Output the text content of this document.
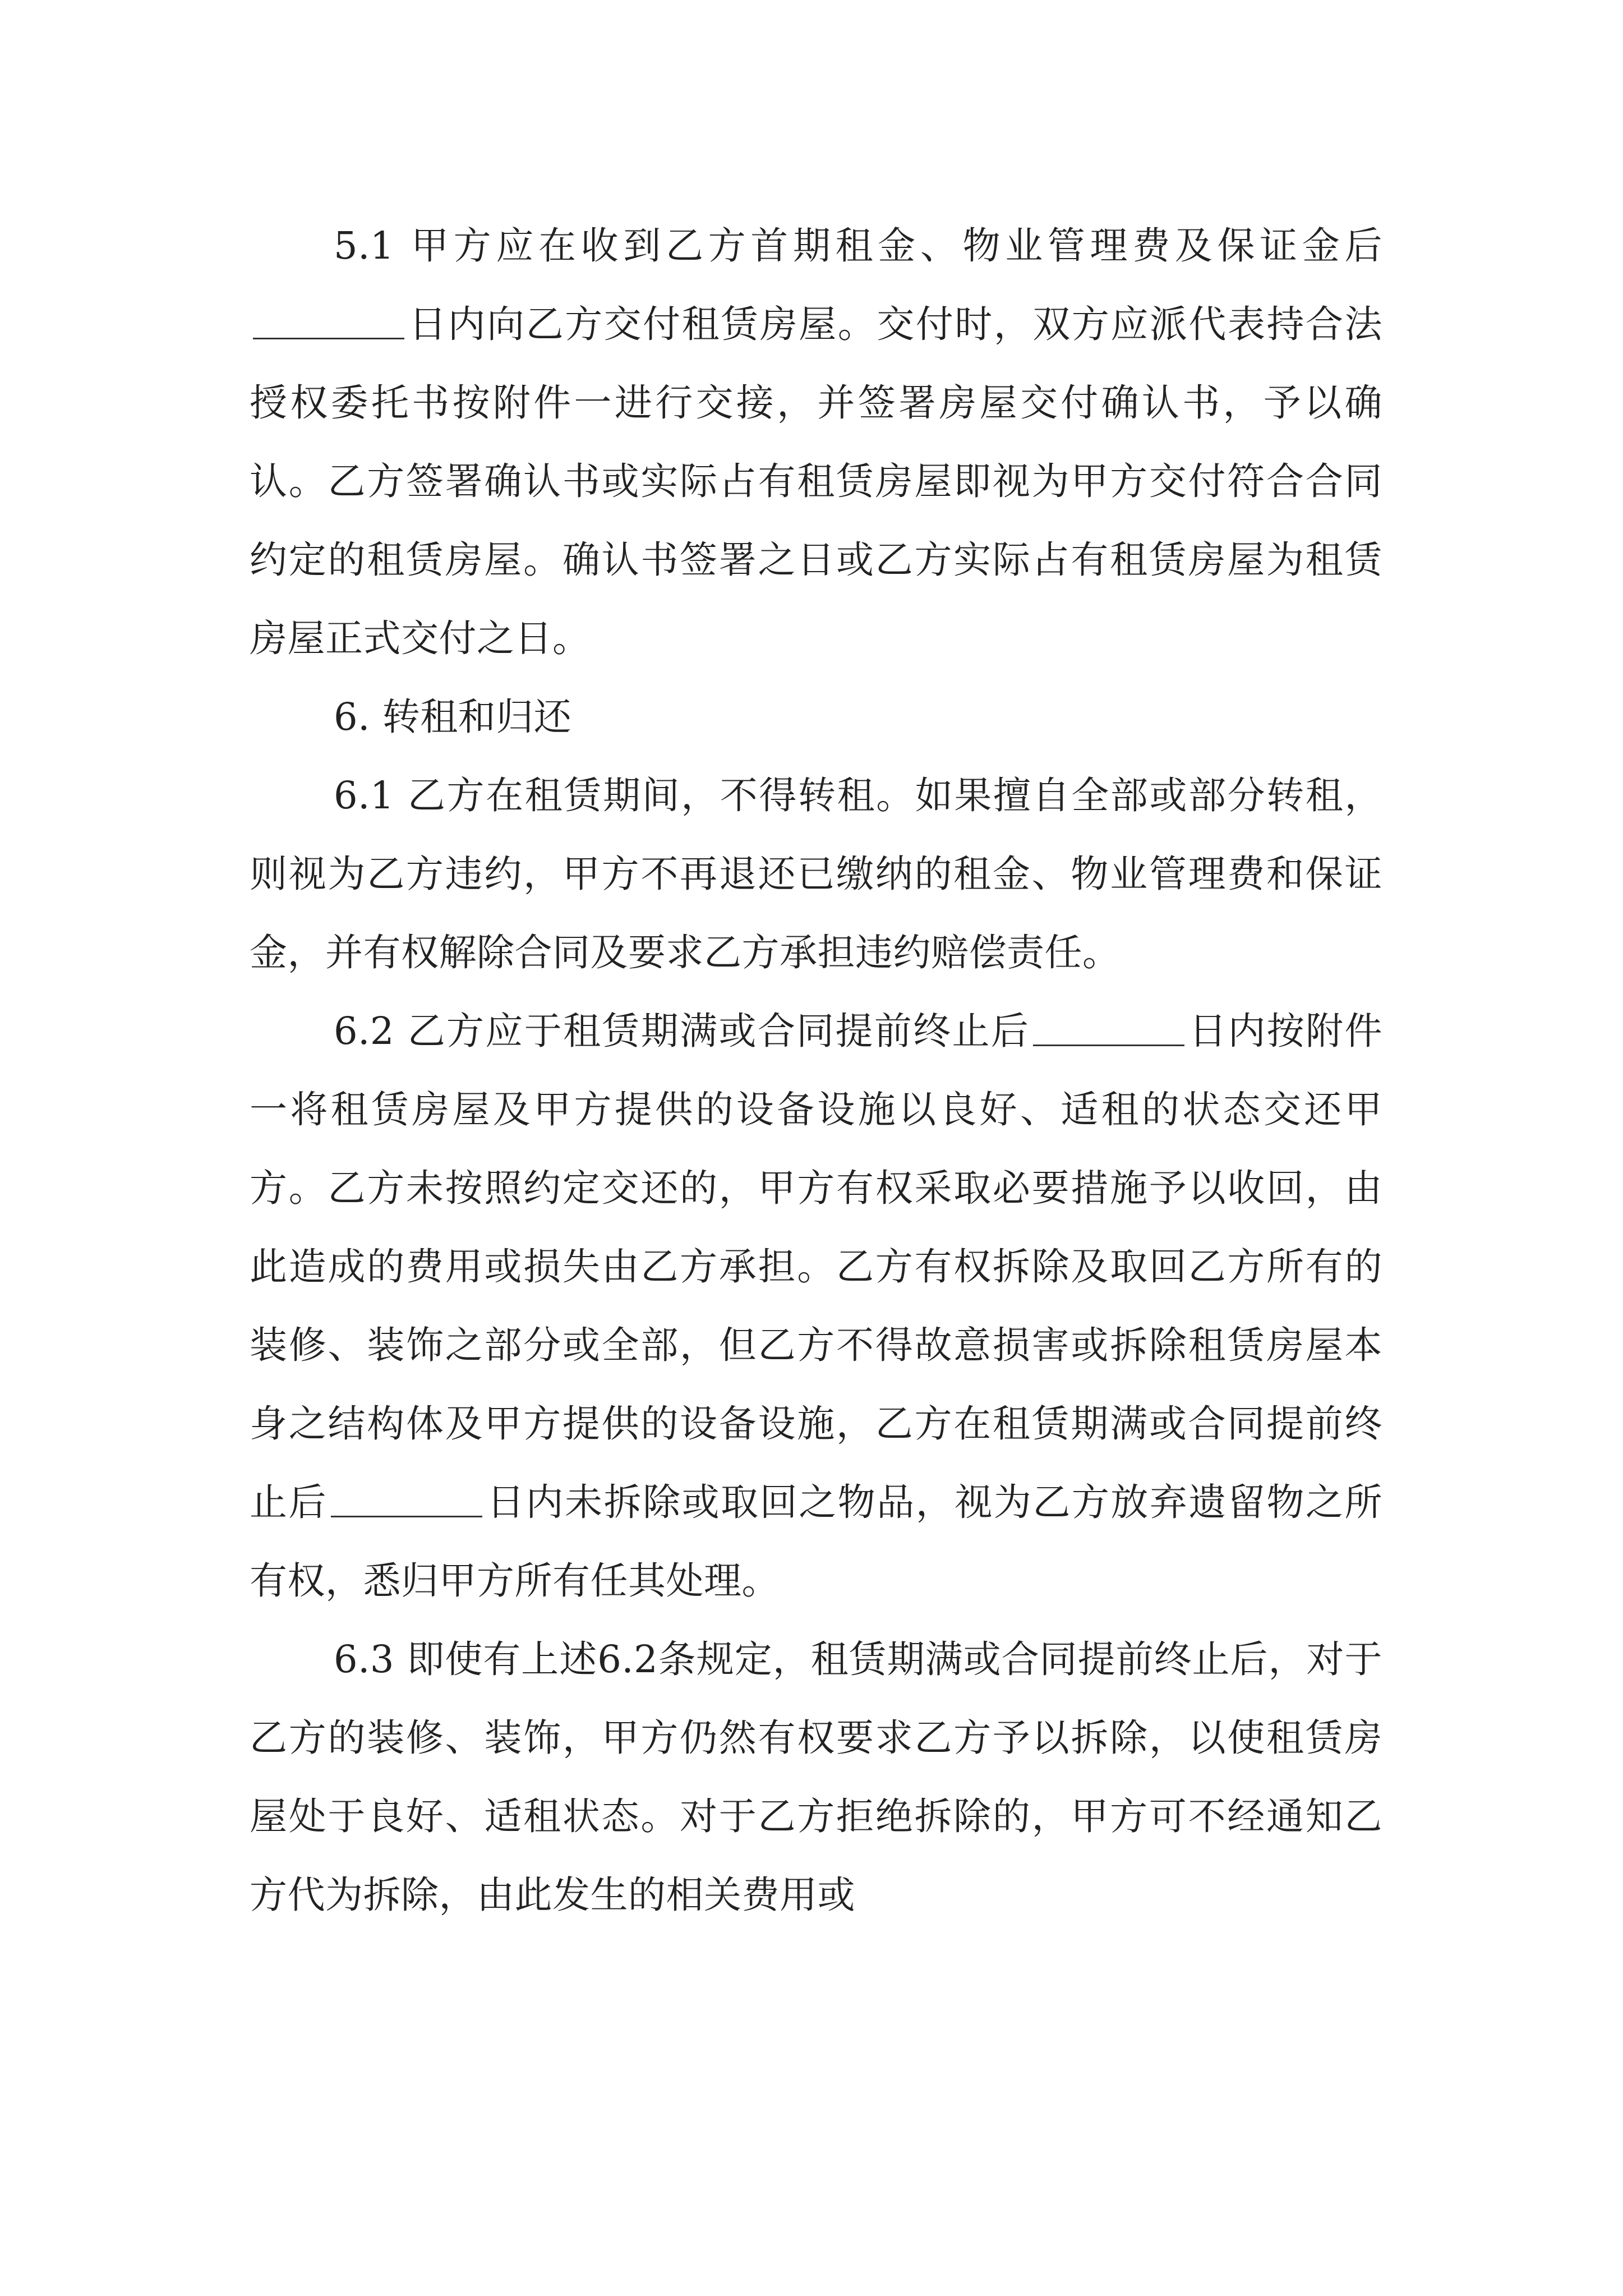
5.1 甲方应在收到乙方首期租金、物业管理费及保证金后日内向乙方交付租赁房屋。交付时，双方应派代表持合法授权委托书按附件一进行交接，并签署房屋交付确认书，予以确认。乙方签署确认书或实际占有租赁房屋即视为甲方交付符合合同约定的租赁房屋。确认书签署之日或乙方实际占有租赁房屋为租赁房屋正式交付之日。

6. 转租和归还

6.1 乙方在租赁期间，不得转租。如果擅自全部或部分转租，则视为乙方违约，甲方不再退还已缴纳的租金、物业管理费和保证金，并有权解除合同及要求乙方承担违约赔偿责任。

6.2 乙方应于租赁期满或合同提前终止后	日内按附件一将租赁房屋及甲方提供的设备设施以良好、适租的状态交还甲方。乙方未按照约定交还的，甲方有权采取必要措施予以收回，由此造成的费用或损失由乙方承担。乙方有权拆除及取回乙方所有的装修、装饰之部分或全部，但乙方不得故意损害或拆除租赁房屋本身之结构体及甲方提供的设备设施，乙方在租赁期满或合同提前终止后	日内未拆除或取回之物品，视为乙方放弃遗留物之所有权，悉归甲方所有任其处理。

6.3 即使有上述6.2条规定，租赁期满或合同提前终止后，对于乙方的装修、装饰，甲方仍然有权要求乙方予以拆除，以使租赁房屋处于良好、适租状态。对于乙方拒绝拆除的，甲方可不经通知乙方代为拆除，由此发生的相关费用或
